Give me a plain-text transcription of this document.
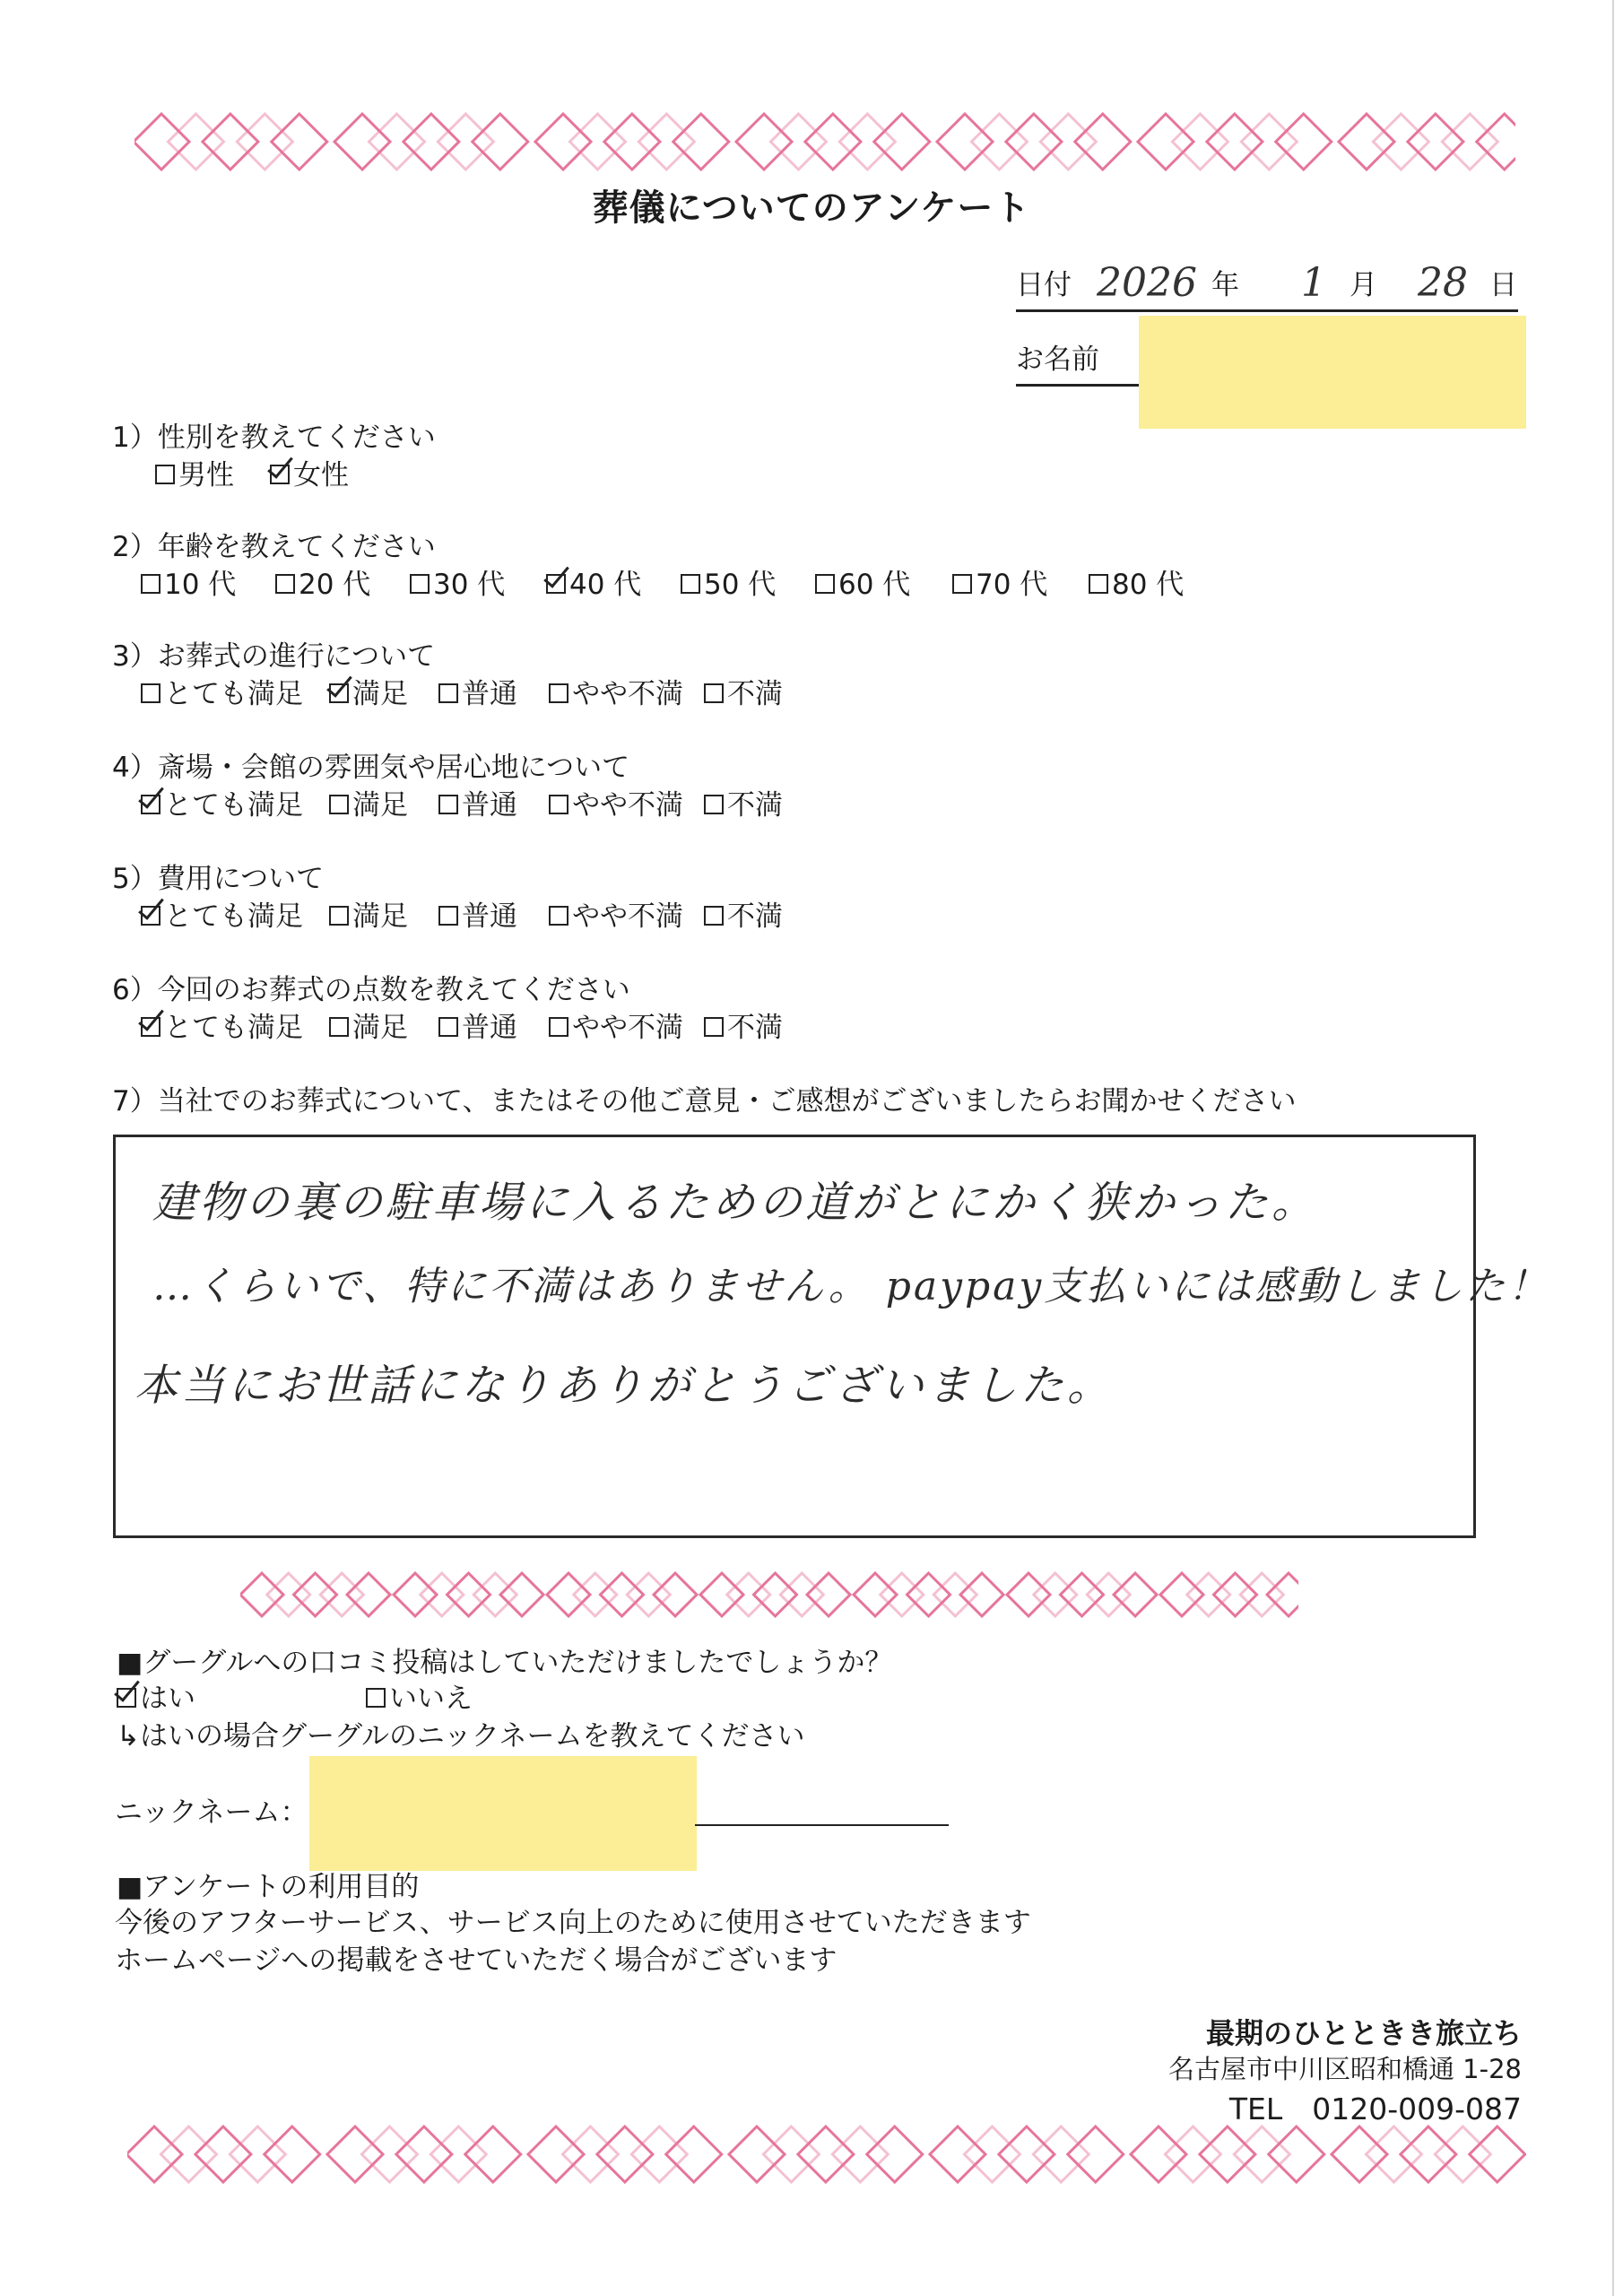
葬儀についてのアンケート
日付 2026 年 1 月 28 日
お名前
1）性別を教えてください
男性	女性
2）年齢を教えてください
10 代	20 代	30 代	40 代	50 代	60 代	70 代	80 代
3）お葬式の進行について
とても満足	満足	普通	やや不満	不満
4）斎場・会館の雰囲気や居心地について
とても満足	満足	普通	やや不満	不満
5）費用について
とても満足	満足	普通	やや不満	不満
6）今回のお葬式の点数を教えてください
とても満足	満足	普通	やや不満	不満
7）当社でのお葬式について、またはその他ご意見・ご感想がございましたらお聞かせください
建物の裏の駐車場に入るための道がとにかく狭かった。
…くらいで、特に不満はありません。 paypay支払いには感動しました！
本当にお世話になりありがとうございました。
■グーグルへの口コミ投稿はしていただけましたでしょうか？
はい	いいえ
↳はいの場合グーグルのニックネームを教えてください
ニックネーム：
■アンケートの利用目的
今後のアフターサービス、サービス向上のために使用させていただきます
ホームページへの掲載をさせていただく場合がございます
最期のひとときき旅立ち
名古屋市中川区昭和橋通 1-28
TEL　0120-009-087
